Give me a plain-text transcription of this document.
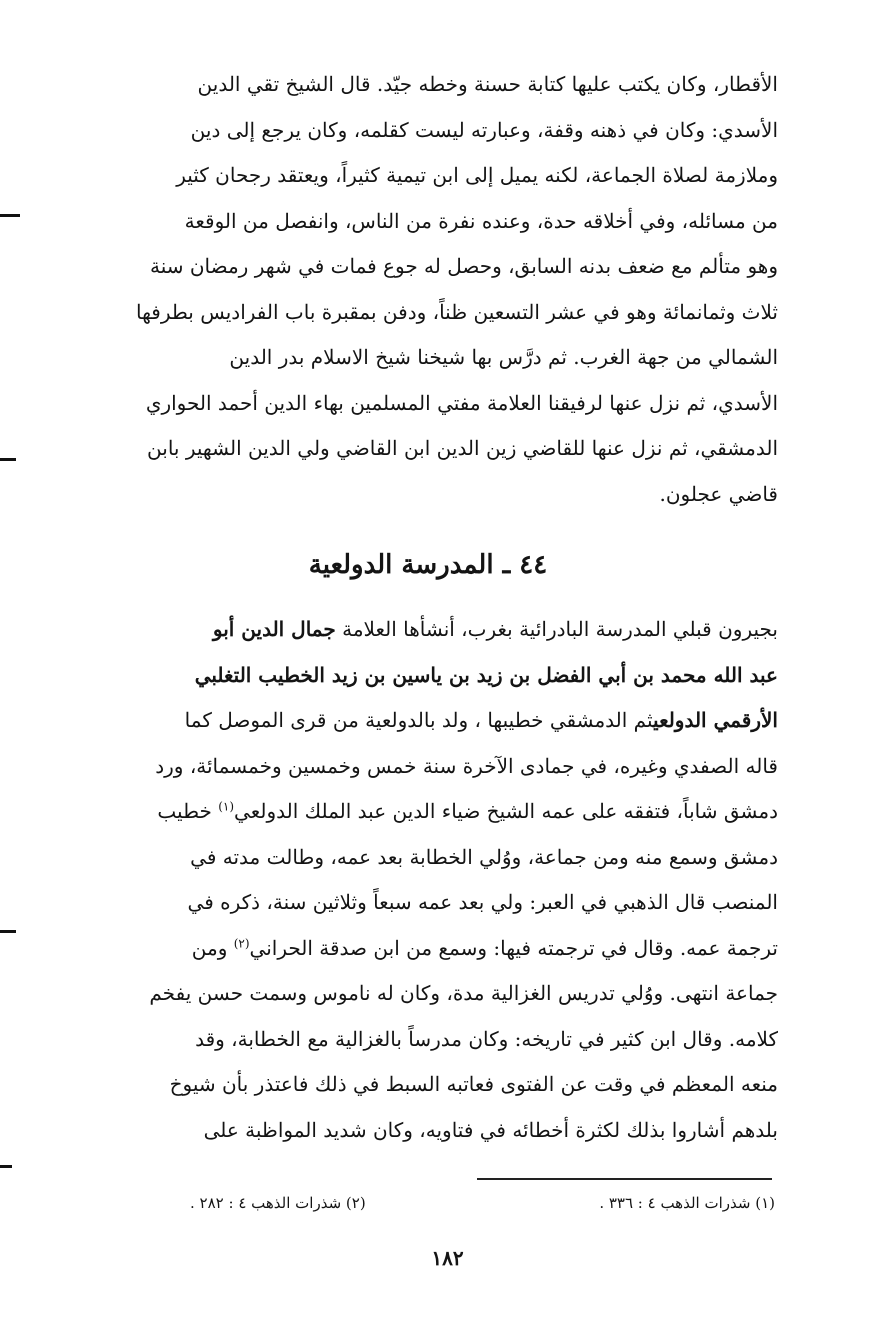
الأقطار، وكان يكتب عليها كتابة حسنة وخطه جيّد. قال الشيخ تقي الدين
الأسدي: وكان في ذهنه وقفة، وعبارته ليست كقلمه، وكان يرجع إلى دين
وملازمة لصلاة الجماعة، لكنه يميل إلى ابن تيمية كثيراً، ويعتقد رجحان كثير
من مسائله، وفي أخلاقه حدة، وعنده نفرة من الناس، وانفصل من الوقعة
وهو متألم مع ضعف بدنه السابق، وحصل له جوع فمات في شهر رمضان سنة
ثلاث وثمانمائة وهو في عشر التسعين ظناً، ودفن بمقبرة باب الفراديس بطرفها
الشمالي من جهة الغرب. ثم درَّس بها شيخنا شيخ الاسلام بدر الدين
الأسدي، ثم نزل عنها لرفيقنا العلامة مفتي المسلمين بهاء الدين أحمد الحواري
الدمشقي، ثم نزل عنها للقاضي زين الدين ابن القاضي ولي الدين الشهير بابن
قاضي عجلون.
٤٤ ـ المدرسة الدولعية
بجيرون قبلي المدرسة البادرائية بغرب، أنشأها العلامة جمال الدين أبو
عبد الله محمد بن أبي الفضل بن زيد بن ياسين بن زيد الخطيب التغلبي
الأرقمي الدولعيثم الدمشقي خطيبها ، ولد بالدولعية من قرى الموصل كما
قاله الصفدي وغيره، في جمادى الآخرة سنة خمس وخمسين وخمسمائة، ورد
دمشق شاباً، فتفقه على عمه الشيخ ضياء الدين عبد الملك الدولعي$^{(١)}$ خطيب
دمشق وسمع منه ومن جماعة، ووُلي الخطابة بعد عمه، وطالت مدته في
المنصب قال الذهبي في العبر: ولي بعد عمه سبعاً وثلاثين سنة، ذكره في
ترجمة عمه. وقال في ترجمته فيها: وسمع من ابن صدقة الحراني$^{(٢)}$ ومن
جماعة انتهى. ووُلي تدريس الغزالية مدة، وكان له ناموس وسمت حسن يفخم
كلامه. وقال ابن كثير في تاريخه: وكان مدرساً بالغزالية مع الخطابة، وقد
منعه المعظم في وقت عن الفتوى فعاتبه السبط في ذلك فاعتذر بأن شيوخ
بلدهم أشاروا بذلك لكثرة أخطائه في فتاويه، وكان شديد المواظبة على
(١) شذرات الذهب ٤ : ٣٣٦ .
(٢) شذرات الذهب ٤ : ٢٨٢ .
١٨٢
